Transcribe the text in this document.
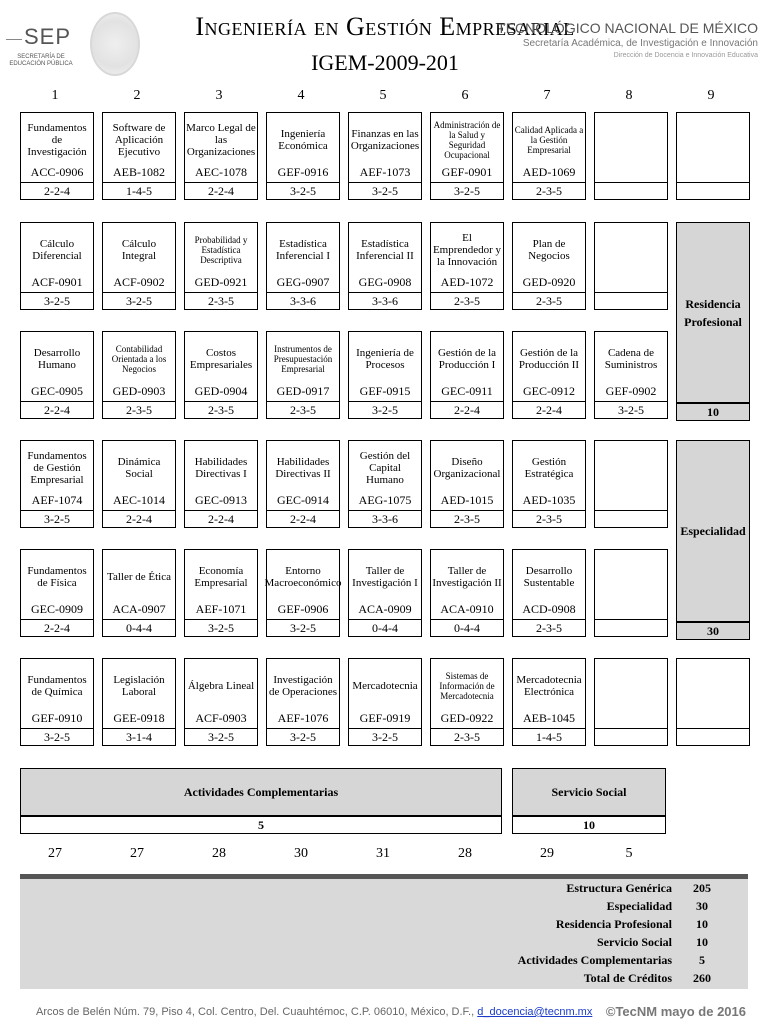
SEP
SECRETARÍA DE EDUCACIÓN PÚBLICA
Ingeniería en Gestión Empresarial
IGEM-2009-201
TECNOLÓGICO NACIONAL DE MÉXICO
Secretaría Académica, de Investigación e Innovación
Dirección de Docencia e Innovación Educativa
1	2	3	4	5	6	7	8	9
Fundamentos de Investigación
ACC-0906
2-2-4
Software de Aplicación Ejecutivo
AEB-1082
1-4-5
Marco Legal de las Organizaciones
AEC-1078
2-2-4
Ingeniería Económica
GEF-0916
3-2-5
Finanzas en las Organizaciones
AEF-1073
3-2-5
Administración de la Salud y Seguridad Ocupacional
GEF-0901
3-2-5
Calidad Aplicada a la Gestión Empresarial
AED-1069
2-3-5
Cálculo Diferencial
ACF-0901
3-2-5
Cálculo Integral
ACF-0902
3-2-5
Probabilidad y Estadística Descriptiva
GED-0921
2-3-5
Estadística Inferencial I
GEG-0907
3-3-6
Estadística Inferencial II
GEG-0908
3-3-6
El Emprendedor y la Innovación
AED-1072
2-3-5
Plan de Negocios
GED-0920
2-3-5
Desarrollo Humano
GEC-0905
2-2-4
Contabilidad Orientada a los Negocios
GED-0903
2-3-5
Costos Empresariales
GED-0904
2-3-5
Instrumentos de Presupuestación Empresarial
GED-0917
2-3-5
Ingeniería de Procesos
GEF-0915
3-2-5
Gestión de la Producción I
GEC-0911
2-2-4
Gestión de la Producción II
GEC-0912
2-2-4
Cadena de Suministros
GEF-0902
3-2-5
Fundamentos de Gestión Empresarial
AEF-1074
3-2-5
Dinámica Social
AEC-1014
2-2-4
Habilidades Directivas I
GEC-0913
2-2-4
Habilidades Directivas II
GEC-0914
2-2-4
Gestión del Capital Humano
AEG-1075
3-3-6
Diseño Organizacional
AED-1015
2-3-5
Gestión Estratégica
AED-1035
2-3-5
Fundamentos de Física
GEC-0909
2-2-4
Taller de Ética
ACA-0907
0-4-4
Economía Empresarial
AEF-1071
3-2-5
Entorno Macroeconómico
GEF-0906
3-2-5
Taller de Investigación I
ACA-0909
0-4-4
Taller de Investigación II
ACA-0910
0-4-4
Desarrollo Sustentable
ACD-0908
2-3-5
Fundamentos de Química
GEF-0910
3-2-5
Legislación Laboral
GEE-0918
3-1-4
Álgebra Lineal
ACF-0903
3-2-5
Investigación de Operaciones
AEF-1076
3-2-5
Mercadotecnia
GEF-0919
3-2-5
Sistemas de Información de Mercadotecnia
GED-0922
2-3-5
Mercadotecnia Electrónica
AEB-1045
1-4-5
Residencia Profesional
10
Especialidad
30
Actividades Complementarias
5
Servicio Social
10
27	27	28	30	31	28	29	5
Estructura Genérica	205
Especialidad	30
Residencia Profesional	10
Servicio Social	10
Actividades Complementarias	5
Total de Créditos	260
Arcos de Belén Núm. 79, Piso 4, Col. Centro, Del. Cuauhtémoc, C.P. 06010, México, D.F., d_docencia@tecnm.mx ©TecNM mayo de 2016
